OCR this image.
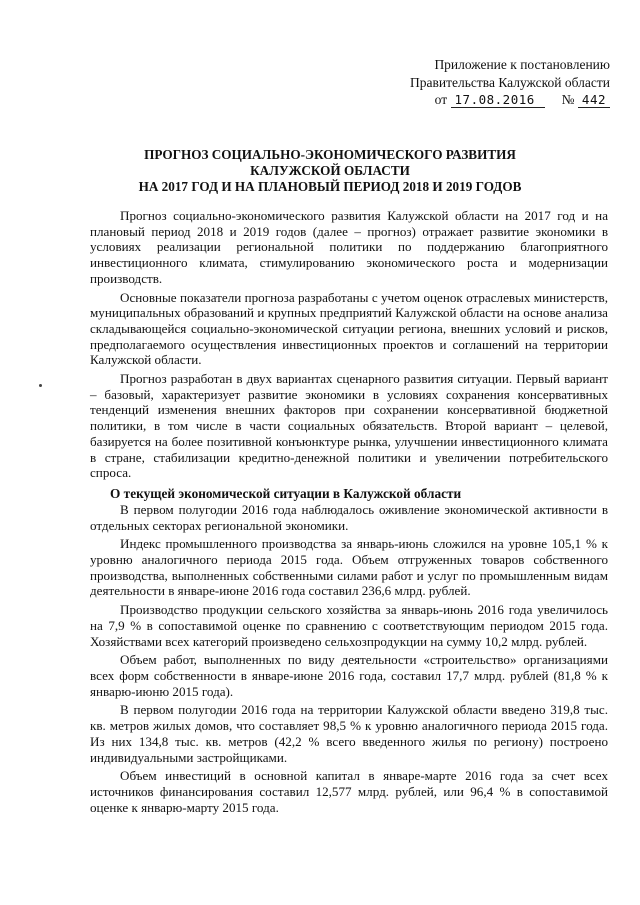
Приложение к постановлению
Правительства Калужской области
от 17.08.2016 № 442
ПРОГНОЗ СОЦИАЛЬНО-ЭКОНОМИЧЕСКОГО РАЗВИТИЯ
КАЛУЖСКОЙ ОБЛАСТИ
НА 2017 ГОД И НА ПЛАНОВЫЙ ПЕРИОД 2018 И 2019 ГОДОВ

Прогноз социально-экономического развития Калужской области на 2017 год и на плановый период 2018 и 2019 годов (далее – прогноз) отражает развитие экономики в условиях реализации региональной политики по поддержанию благоприятного инвестиционного климата, стимулированию экономического роста и модернизации производств.

Основные показатели прогноза разработаны с учетом оценок отраслевых министерств, муниципальных образований и крупных предприятий Калужской области на основе анализа складывающейся социально-экономической ситуации региона, внешних условий и рисков, предполагаемого осуществления инвестиционных проектов и соглашений на территории Калужской области.

Прогноз разработан в двух вариантах сценарного развития ситуации. Первый вариант – базовый, характеризует развитие экономики в условиях сохранения консервативных тенденций изменения внешних факторов при сохранении консервативной бюджетной политики, в том числе в части социальных обязательств. Второй вариант – целевой, базируется на более позитивной конъюнктуре рынка, улучшении инвестиционного климата в стране, стабилизации кредитно-денежной политики и увеличении потребительского спроса.

О текущей экономической ситуации в Калужской области

В первом полугодии 2016 года наблюдалось оживление экономической активности в отдельных секторах региональной экономики.

Индекс промышленного производства за январь-июнь сложился на уровне 105,1 % к уровню аналогичного периода 2015 года. Объем отгруженных товаров собственного производства, выполненных собственными силами работ и услуг по промышленным видам деятельности в январе-июне 2016 года составил 236,6 млрд. рублей.

Производство продукции сельского хозяйства за январь-июнь 2016 года увеличилось на 7,9 % в сопоставимой оценке по сравнению с соответствующим периодом 2015 года. Хозяйствами всех категорий произведено сельхозпродукции на сумму 10,2 млрд. рублей.

Объем работ, выполненных по виду деятельности «строительство» организациями всех форм собственности в январе-июне 2016 года, составил 17,7 млрд. рублей (81,8 % к январю-июню 2015 года).

В первом полугодии 2016 года на территории Калужской области введено 319,8 тыс. кв. метров жилых домов, что составляет 98,5 % к уровню аналогичного периода 2015 года. Из них 134,8 тыс. кв. метров (42,2 % всего введенного жилья по региону) построено индивидуальными застройщиками.

Объем инвестиций в основной капитал в январе-марте 2016 года за счет всех источников финансирования составил 12,577 млрд. рублей, или 96,4 % в сопоставимой оценке к январю-марту 2015 года.
